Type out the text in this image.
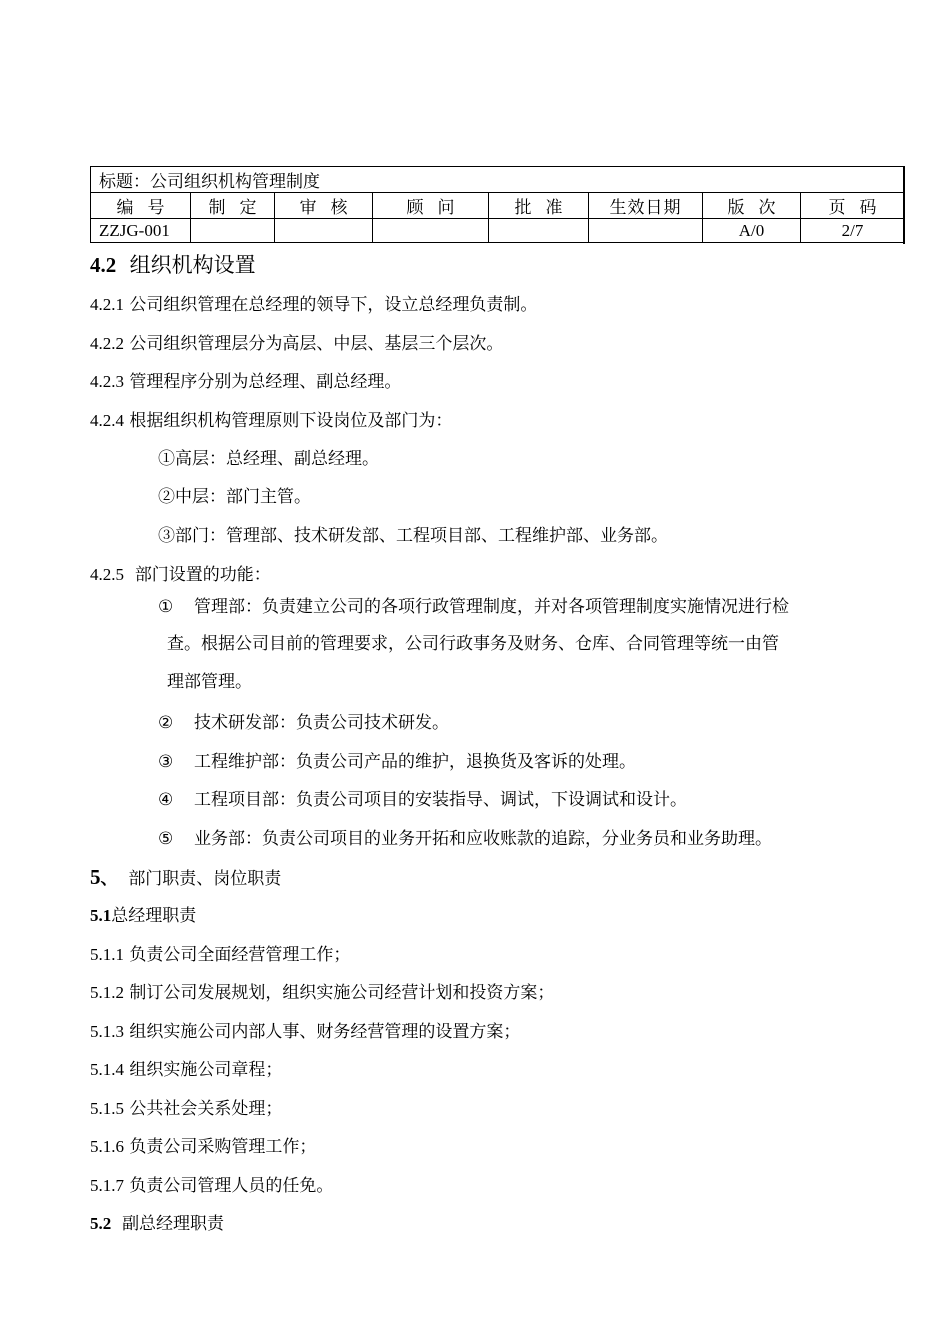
标题：公司组织机构管理制度							
编号	制定	审核	顾问	批准	生效日期	版次	页码
ZZJG-001						A/0	2/7
4.2 组织机构设置
4.2.1 公司组织管理在总经理的领导下，设立总经理负责制。
4.2.2 公司组织管理层分为高层、中层、基层三个层次。
4.2.3 管理程序分别为总经理、副总经理。
4.2.4 根据组织机构管理原则下设岗位及部门为：
①高层：总经理、副总经理。
②中层：部门主管。
③部门：管理部、技术研发部、工程项目部、工程维护部、业务部。
4.2.5 部门设置的功能：
① 管理部：负责建立公司的各项行政管理制度，并对各项管理制度实施情况进行检
查。根据公司目前的管理要求，公司行政事务及财务、仓库、合同管理等统一由管
理部管理。
② 技术研发部：负责公司技术研发。
③ 工程维护部：负责公司产品的维护，退换货及客诉的处理。
④ 工程项目部：负责公司项目的安装指导、调试，下设调试和设计。
⑤ 业务部：负责公司项目的业务开拓和应收账款的追踪，分业务员和业务助理。
5、 部门职责、岗位职责
5.1总经理职责
5.1.1 负责公司全面经营管理工作；
5.1.2 制订公司发展规划，组织实施公司经营计划和投资方案；
5.1.3 组织实施公司内部人事、财务经营管理的设置方案；
5.1.4 组织实施公司章程；
5.1.5 公共社会关系处理；
5.1.6 负责公司采购管理工作；
5.1.7 负责公司管理人员的任免。
5.2 副总经理职责
